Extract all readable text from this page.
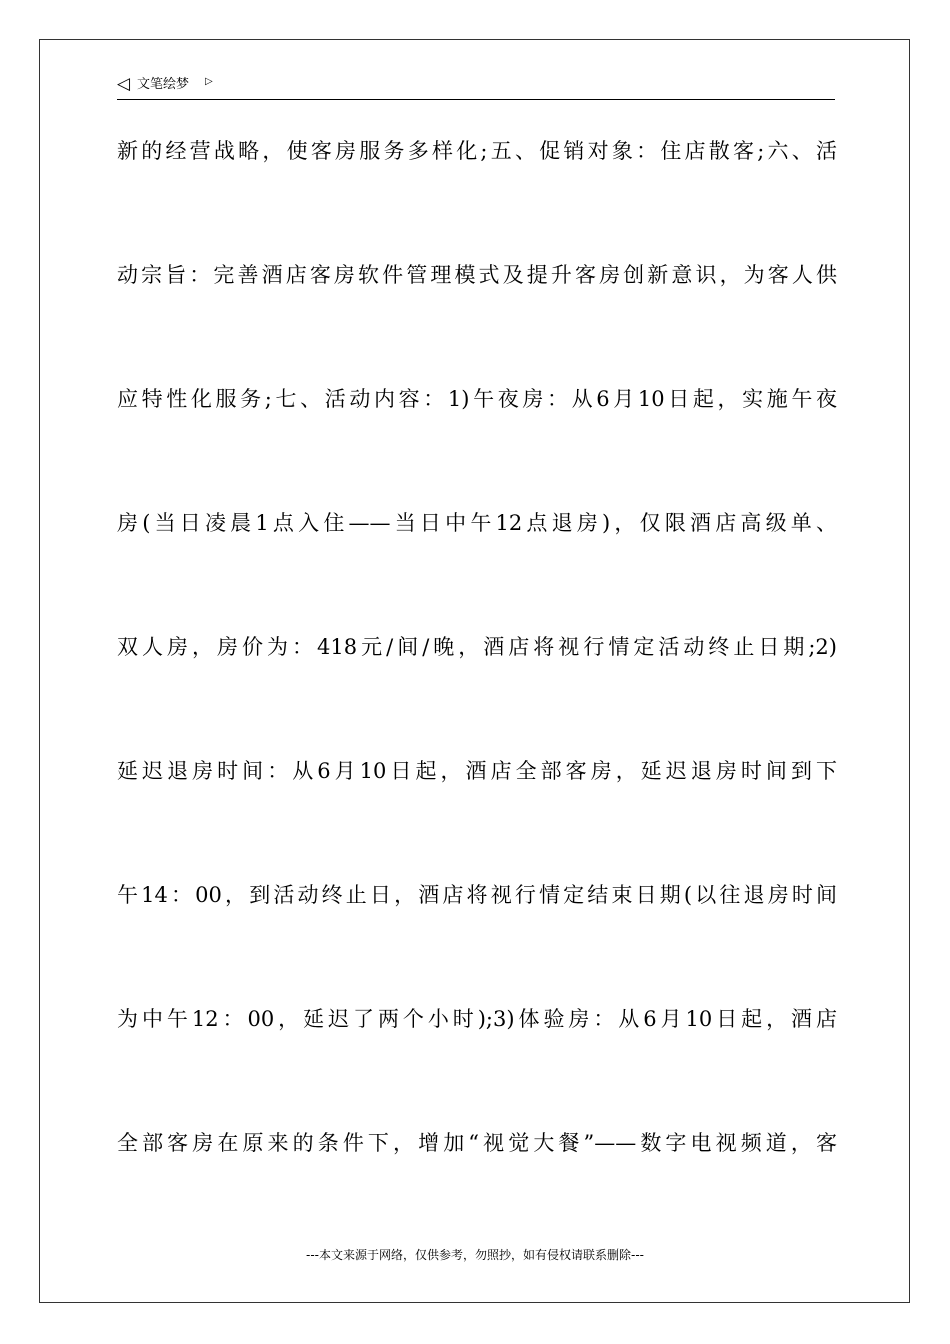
◁ 文笔绘梦 ▷
新的经营战略，使客房服务多样化;五、促销对象：住店散客;六、活
动宗旨：完善酒店客房软件管理模式及提升客房创新意识，为客人供
应特性化服务;七、活动内容：1)午夜房：从6月10日起，实施午夜
房(当日凌晨1点入住——当日中午12点退房)，仅限酒店高级单、
双人房，房价为：418元/间/晚，酒店将视行情定活动终止日期;2)
延迟退房时间：从6月10日起，酒店全部客房，延迟退房时间到下
午14：00，到活动终止日，酒店将视行情定结束日期(以往退房时间
为中午12：00，延迟了两个小时);3)体验房：从6月10日起，酒店
全部客房在原来的条件下，增加“视觉大餐”——数字电视频道，客
---本文来源于网络，仅供参考，勿照抄，如有侵权请联系删除---
